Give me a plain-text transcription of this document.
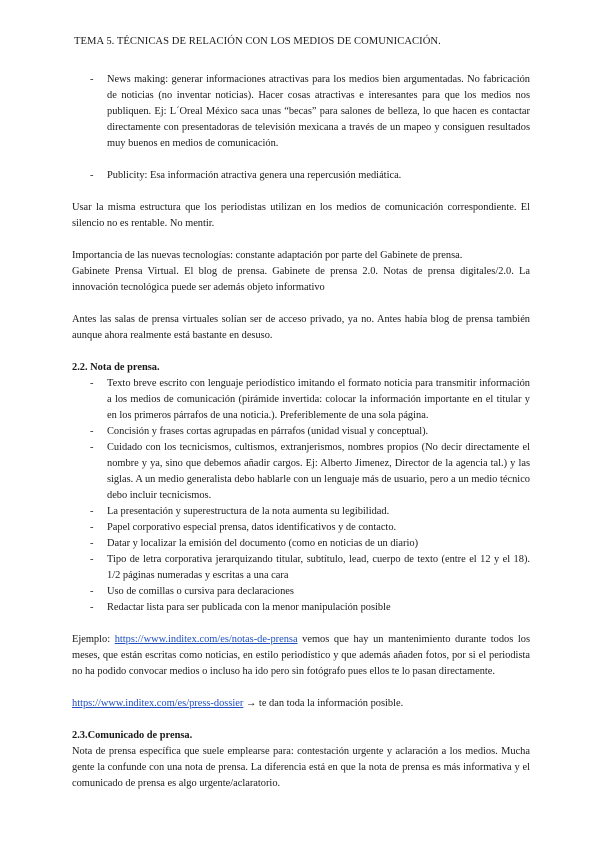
TEMA 5. TÉCNICAS DE RELACIÓN CON LOS MEDIOS DE COMUNICACIÓN.
- News making: generar informaciones atractivas para los medios bien argumentadas. No fabricación de noticias (no inventar noticias). Hacer cosas atractivas e interesantes para que los medios nos publiquen. Ej: L´Oreal México saca unas “becas” para salones de belleza, lo que hacen es contactar directamente con presentadoras de televisión mexicana a través de un mapeo y consiguen resultados muy buenos en medios de comunicación.
- Publicity: Esa información atractiva genera una repercusión mediática.

Usar la misma estructura que los periodistas utilizan en los medios de comunicación correspondiente. El silencio no es rentable. No mentir.

Importancia de las nuevas tecnologías: constante adaptación por parte del Gabinete de prensa.

Gabinete Prensa Virtual. El blog de prensa. Gabinete de prensa 2.0. Notas de prensa digitales/2.0. La innovación tecnológica puede ser además objeto informativo

Antes las salas de prensa virtuales solían ser de acceso privado, ya no. Antes había blog de prensa también aunque ahora realmente está bastante en desuso.

2.2. Nota de prensa.

- Texto breve escrito con lenguaje periodístico imitando el formato noticia para transmitir información a los medios de comunicación (pirámide invertida: colocar la información importante en el titular y en los primeros párrafos de una noticia.). Preferiblemente de una sola página.
- Concisión y frases cortas agrupadas en párrafos (unidad visual y conceptual).
- Cuidado con los tecnicismos, cultismos, extranjerismos, nombres propios (No decir directamente el nombre y ya, sino que debemos añadir cargos. Ej: Alberto Jimenez, Director de la agencia tal.) y las siglas. A un medio generalista debo hablarle con un lenguaje más de usuario, pero a un medio técnico debo incluir tecnicismos.
- La presentación y superestructura de la nota aumenta su legibilidad.
- Papel corporativo especial prensa, datos identificativos y de contacto.
- Datar y localizar la emisión del documento (como en noticias de un diario)
- Tipo de letra corporativa jerarquizando titular, subtítulo, lead, cuerpo de texto (entre el 12 y el 18). 1/2 páginas numeradas y escritas a una cara
- Uso de comillas o cursiva para declaraciones
- Redactar lista para ser publicada con la menor manipulación posible

Ejemplo: https://www.inditex.com/es/notas-de-prensa vemos que hay un mantenimiento durante todos los meses, que están escritas como noticias, en estilo periodístico y que además añaden fotos, por si el periodista no ha podido convocar medios o incluso ha ido pero sin fotógrafo pues ellos te lo pasan directamente.

https://www.inditex.com/es/press-dossier → te dan toda la información posible.

2.3.Comunicado de prensa.

Nota de prensa específica que suele emplearse para: contestación urgente y aclaración a los medios. Mucha gente la confunde con una nota de prensa. La diferencia está en que la nota de prensa es más informativa y el comunicado de prensa es algo urgente/aclaratorio.
